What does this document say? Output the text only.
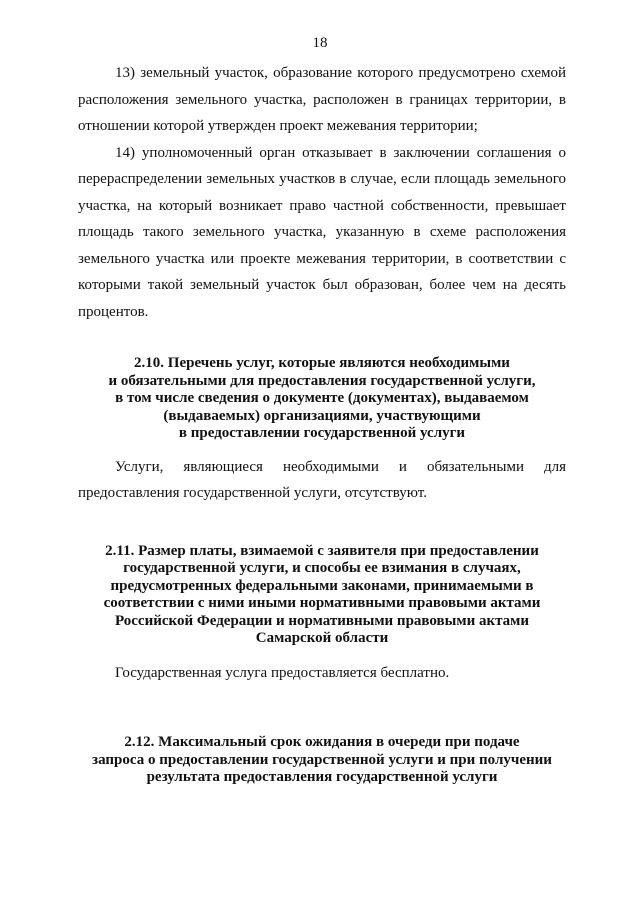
18

13) земельный участок, образование которого предусмотрено схемой расположения земельного участка, расположен в границах территории, в отношении которой утвержден проект межевания территории;

14) уполномоченный орган отказывает в заключении соглашения о перераспределении земельных участков в случае, если площадь земельного участка, на который возникает право частной собственности, превышает площадь такого земельного участка, указанную в схеме расположения земельного участка или проекте межевания территории, в соответствии с которыми такой земельный участок был образован, более чем на десять процентов.

2.10. Перечень услуг, которые являются необходимыми
и обязательными для предоставления государственной услуги,
в том числе сведения о документе (документах), выдаваемом
(выдаваемых) организациями, участвующими
в предоставлении государственной услуги

Услуги, являющиеся необходимыми и обязательными для предоставления государственной услуги, отсутствуют.

2.11. Размер платы, взимаемой с заявителя при предоставлении
государственной услуги, и способы ее взимания в случаях,
предусмотренных федеральными законами, принимаемыми в
соответствии с ними иными нормативными правовыми актами
Российской Федерации и нормативными правовыми актами
Самарской области

Государственная услуга предоставляется бесплатно.

2.12. Максимальный срок ожидания в очереди при подаче
запроса о предоставлении государственной услуги и при получении
результата предоставления государственной услуги
